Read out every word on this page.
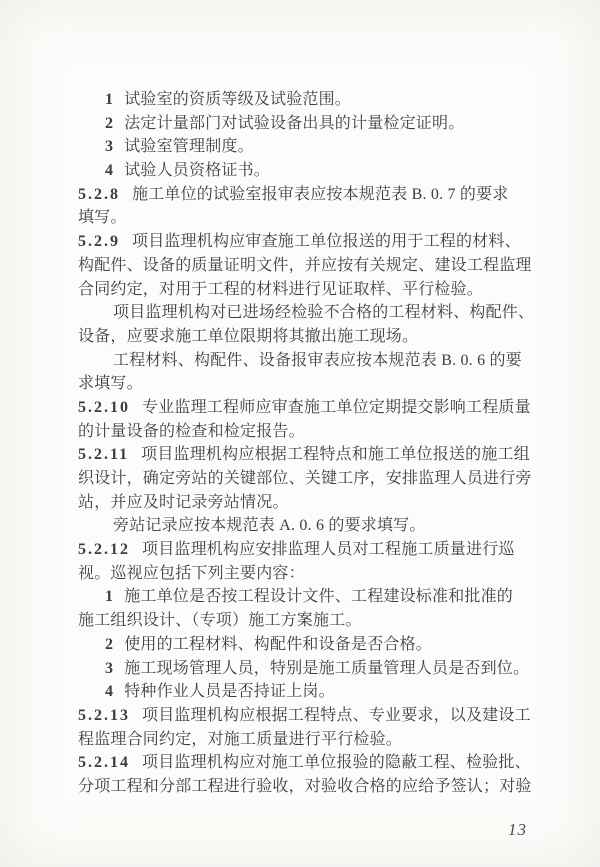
1 试验室的资质等级及试验范围。
2 法定计量部门对试验设备出具的计量检定证明。
3 试验室管理制度。
4 试验人员资格证书。
5.2.8 施工单位的试验室报审表应按本规范表 B. 0. 7 的要求
填写。
5.2.9 项目监理机构应审查施工单位报送的用于工程的材料、
构配件、设备的质量证明文件，并应按有关规定、建设工程监理
合同约定，对用于工程的材料进行见证取样、平行检验。
项目监理机构对已进场经检验不合格的工程材料、构配件、
设备，应要求施工单位限期将其撤出施工现场。
工程材料、构配件、设备报审表应按本规范表 B. 0. 6 的要
求填写。
5.2.10 专业监理工程师应审查施工单位定期提交影响工程质量
的计量设备的检查和检定报告。
5.2.11 项目监理机构应根据工程特点和施工单位报送的施工组
织设计，确定旁站的关键部位、关键工序，安排监理人员进行旁
站，并应及时记录旁站情况。
旁站记录应按本规范表 A. 0. 6 的要求填写。
5.2.12 项目监理机构应安排监理人员对工程施工质量进行巡
视。巡视应包括下列主要内容：
1 施工单位是否按工程设计文件、工程建设标准和批准的
施工组织设计、（专项）施工方案施工。
2 使用的工程材料、构配件和设备是否合格。
3 施工现场管理人员，特别是施工质量管理人员是否到位。
4 特种作业人员是否持证上岗。
5.2.13 项目监理机构应根据工程特点、专业要求，以及建设工
程监理合同约定，对施工质量进行平行检验。
5.2.14 项目监理机构应对施工单位报验的隐蔽工程、检验批、
分项工程和分部工程进行验收，对验收合格的应给予签认；对验
13
